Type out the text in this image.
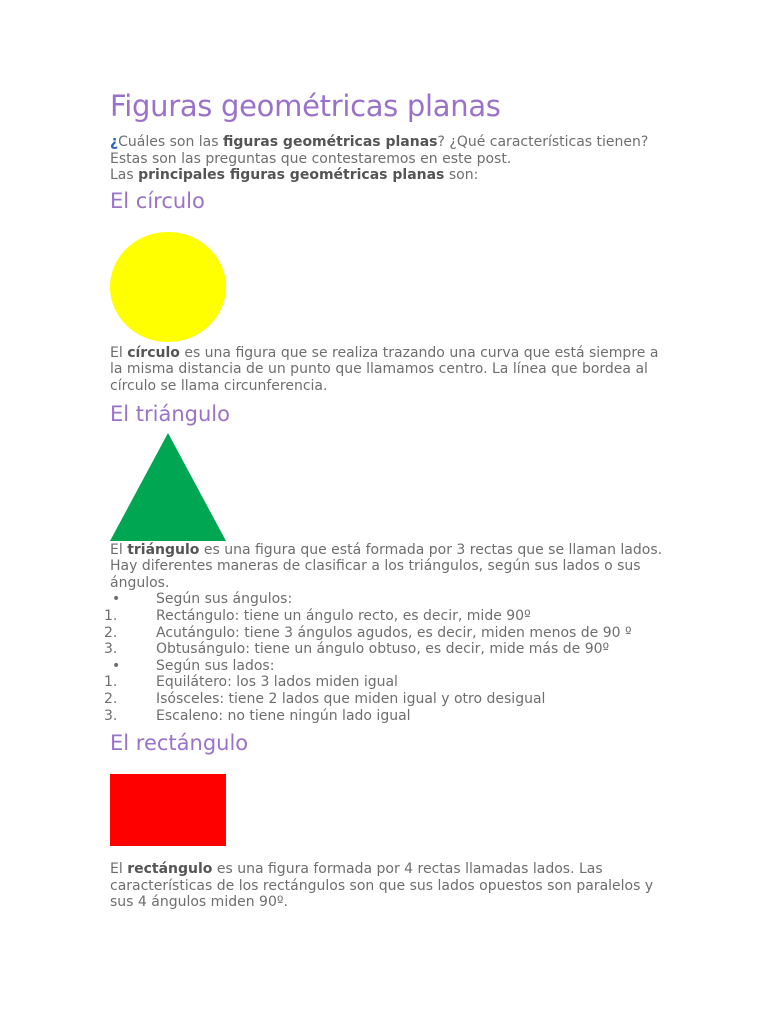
Figuras geométricas planas

¿Cuáles son las figuras geométricas planas? ¿Qué características tienen? Estas son las preguntas que contestaremos en este post.
Las principales figuras geométricas planas son:

El círculo

El círculo es una figura que se realiza trazando una curva que está siempre a la misma distancia de un punto que llamamos centro. La línea que bordea al círculo se llama circunferencia.

El triángulo

El triángulo es una figura que está formada por 3 rectas que se llaman lados. Hay diferentes maneras de clasificar a los triángulos, según sus lados o sus ángulos.

•	Según sus ángulos:
1.	Rectángulo: tiene un ángulo recto, es decir, mide 90º
2.	Acutángulo: tiene 3 ángulos agudos, es decir, miden menos de 90 º
3.	Obtusángulo: tiene un ángulo obtuso, es decir, mide más de 90º
•	Según sus lados:
1.	Equilátero: los 3 lados miden igual
2.	Isósceles: tiene 2 lados que miden igual y otro desigual
3.	Escaleno: no tiene ningún lado igual
El rectángulo

El rectángulo es una figura formada por 4 rectas llamadas lados. Las características de los rectángulos son que sus lados opuestos son paralelos y sus 4 ángulos miden 90º.
